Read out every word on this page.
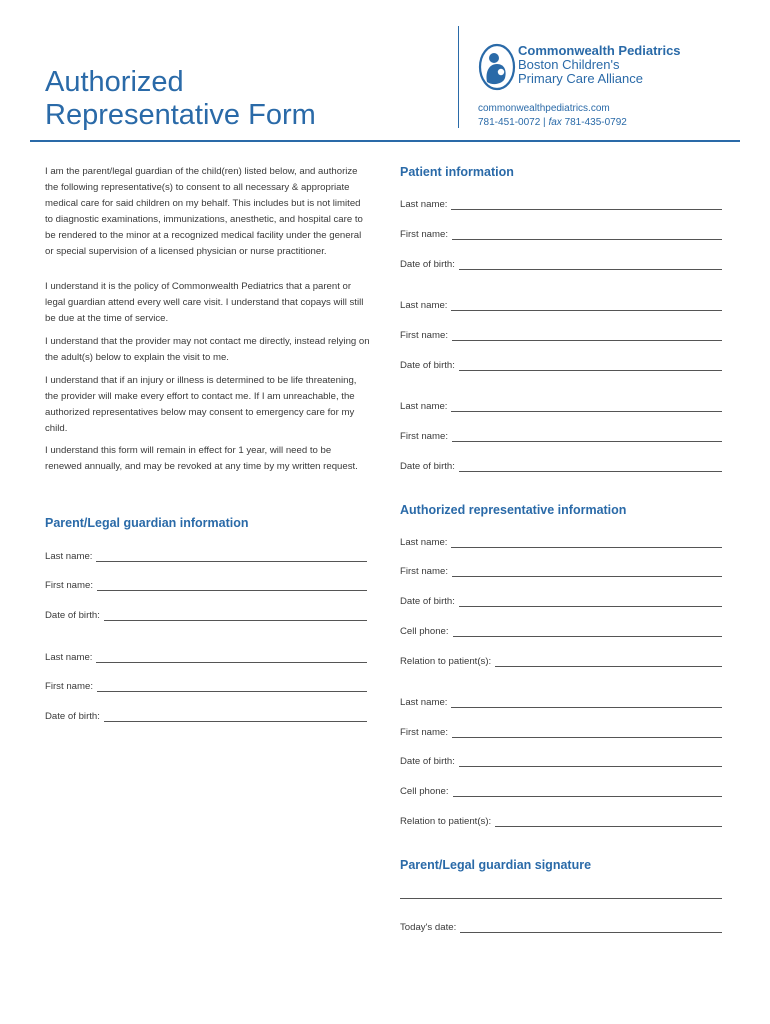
Authorized
Representative Form
Commonwealth Pediatrics
Boston Children's
Primary Care Alliance
commonwealthpediatrics.com
781-451-0072 | fax 781-435-0792

I am the parent/legal guardian of the child(ren) listed below, and authorize the following representative(s) to consent to all necessary & appropriate medical care for said children on my behalf. This includes but is not limited to diagnostic examinations, immunizations, anesthetic, and hospital care to be rendered to the minor at a recognized medical facility under the general or special supervision of a licensed physician or nurse practitioner.

I understand it is the policy of Commonwealth Pediatrics that a parent or legal guardian attend every well care visit. I understand that copays will still be due at the time of service.

I understand that the provider may not contact me directly, instead relying on the adult(s) below to explain the visit to me.

I understand that if an injury or illness is determined to be life threatening, the provider will make every effort to contact me. If I am unreachable, the authorized representatives below may consent to emergency care for my child.

I understand this form will remain in effect for 1 year, will need to be renewed annually, and may be revoked at any time by my written request.

Parent/Legal guardian information
Last name:
First name:
Date of birth:
Last name:
First name:
Date of birth:
Patient information
Last name:
First name:
Date of birth:
Last name:
First name:
Date of birth:
Last name:
First name:
Date of birth:
Authorized representative information
Last name:
First name:
Date of birth:
Cell phone:
Relation to patient(s):
Last name:
First name:
Date of birth:
Cell phone:
Relation to patient(s):
Parent/Legal guardian signature
Today's date:
